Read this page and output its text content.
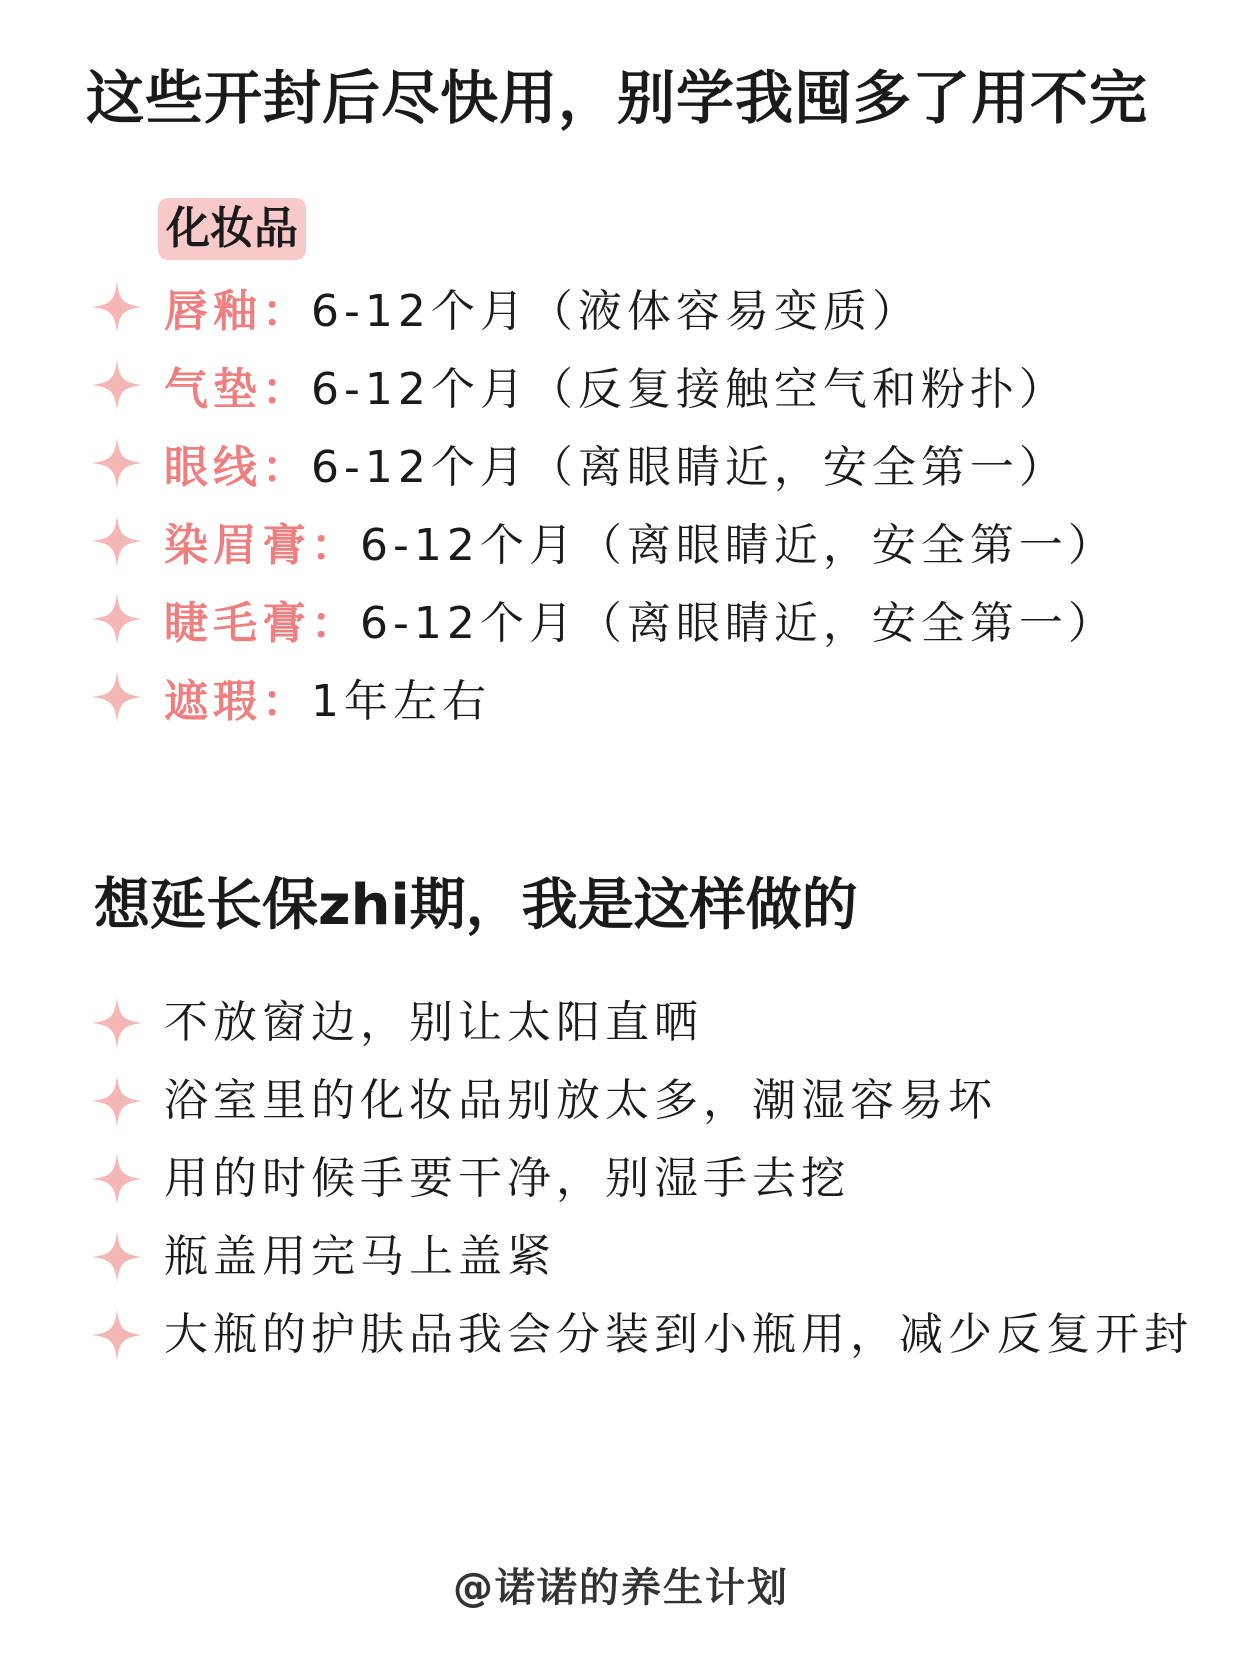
这些开封后尽快用，别学我囤多了用不完
化妆品
唇釉： 6-12个月（液体容易变质）
气垫： 6-12个月（反复接触空气和粉扑）
眼线： 6-12个月（离眼睛近，安全第一）
染眉膏： 6-12个月（离眼睛近，安全第一）
睫毛膏： 6-12个月（离眼睛近，安全第一）
遮瑕： 1年左右
想延长保zhi期，我是这样做的
不放窗边，别让太阳直晒
浴室里的化妆品别放太多，潮湿容易坏
用的时候手要干净，别湿手去挖
瓶盖用完马上盖紧
大瓶的护肤品我会分装到小瓶用，减少反复开封
@诺诺的养生计划
